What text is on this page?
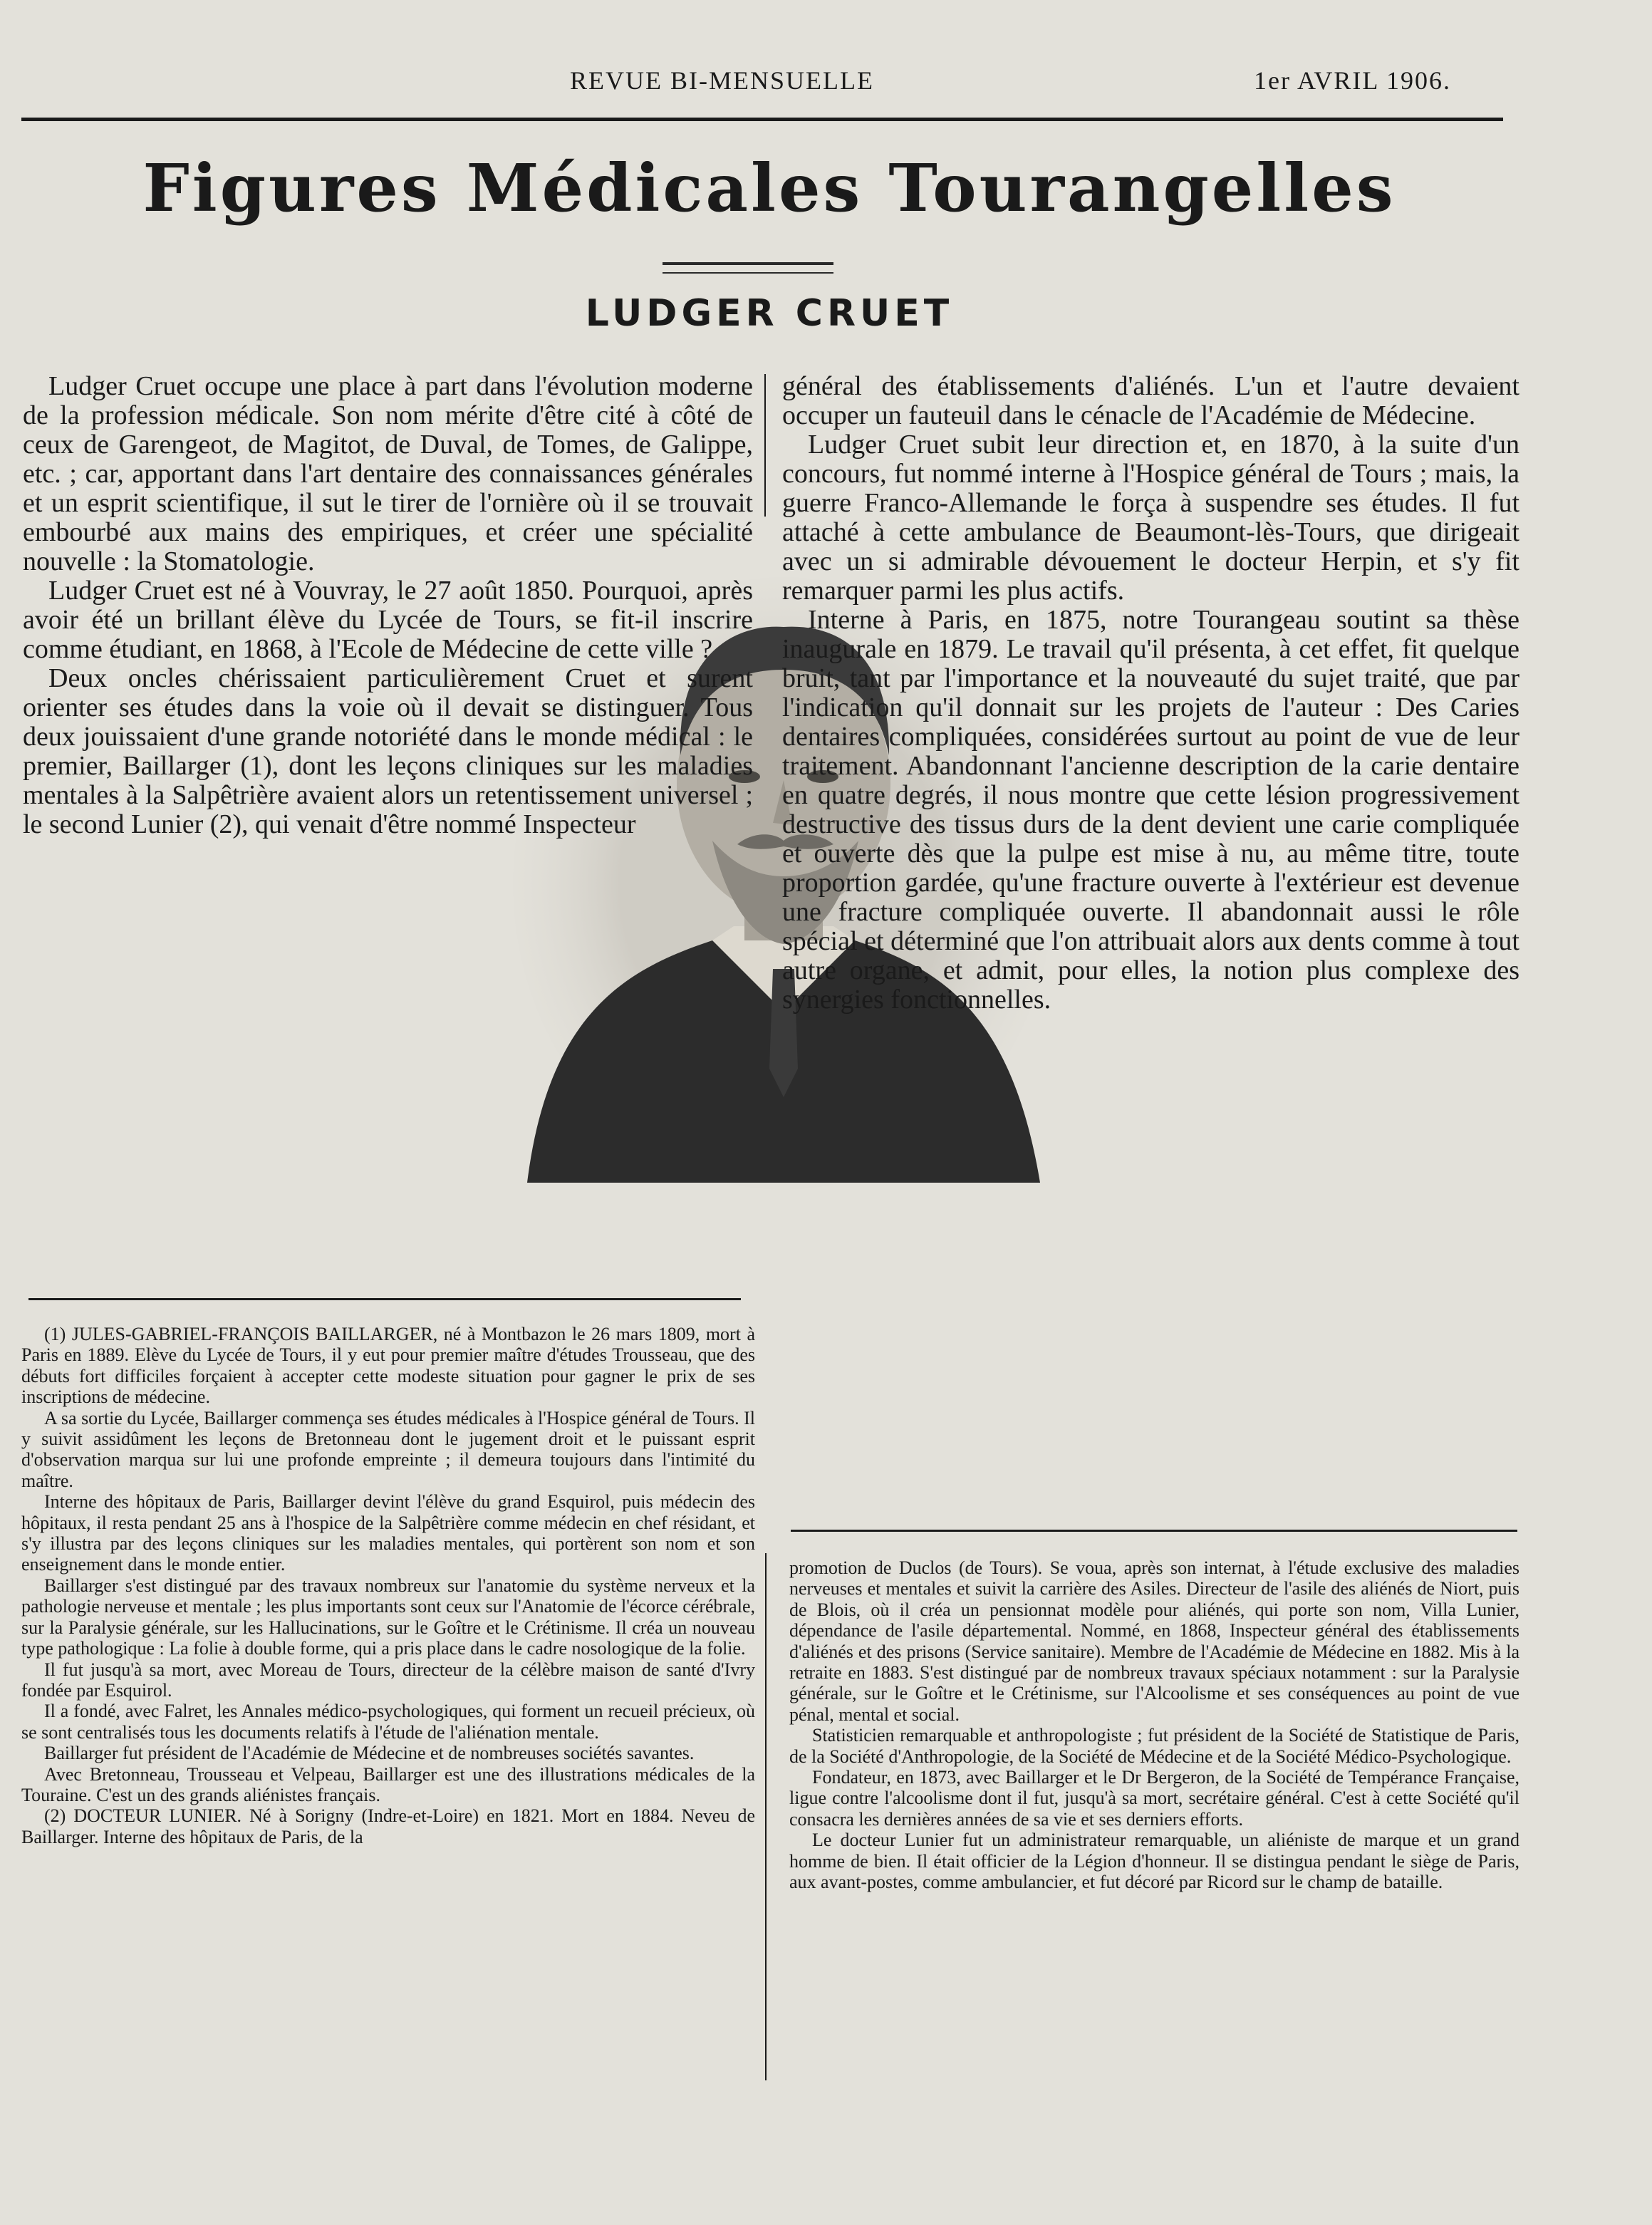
REVUE BI-MENSUELLE	1er AVRIL 1906.
Figures Médicales Tourangelles
LUDGER CRUET

Ludger Cruet occupe une place à part dans l'évolution moderne de la profession médicale. Son nom mérite d'être cité à côté de ceux de Garengeot, de Magitot, de Duval, de Tomes, de Galippe, etc. ; car, apportant dans l'art dentaire des connaissances générales et un esprit scientifique, il sut le tirer de l'ornière où il se trouvait embourbé aux mains des empiriques, et créer une spécialité nouvelle : la Stomatologie.

Ludger Cruet est né à Vouvray, le 27 août 1850. Pourquoi, après avoir été un brillant élève du Lycée de Tours, se fit-il inscrire comme étudiant, en 1868, à l'Ecole de Médecine de cette ville ?

Deux oncles chérissaient particulièrement Cruet et surent orienter ses études dans la voie où il devait se distinguer. Tous deux jouissaient d'une grande notoriété dans le monde médical : le premier, Baillarger (1), dont les leçons cliniques sur les maladies mentales à la Salpêtrière avaient alors un retentissement universel ; le second Lunier (2), qui venait d'être nommé Inspecteur

général des établissements d'aliénés. L'un et l'autre devaient occuper un fauteuil dans le cénacle de l'Académie de Médecine.

Ludger Cruet subit leur direction et, en 1870, à la suite d'un concours, fut nommé interne à l'Hospice général de Tours ; mais, la guerre Franco-Allemande le força à suspendre ses études. Il fut attaché à cette ambulance de Beaumont-lès-Tours, que dirigeait avec un si admirable dévouement le docteur Herpin, et s'y fit remarquer parmi les plus actifs.

Interne à Paris, en 1875, notre Tourangeau soutint sa thèse inaugurale en 1879. Le travail qu'il présenta, à cet effet, fit quelque bruit, tant par l'importance et la nouveauté du sujet traité, que par l'indication qu'il donnait sur les projets de l'auteur : Des Caries dentaires compliquées, considérées surtout au point de vue de leur traitement. Abandonnant l'ancienne description de la carie dentaire en quatre degrés, il nous montre que cette lésion progressivement destructive des tissus durs de la dent devient une carie compliquée et ouverte dès que la pulpe est mise à nu, au même titre, toute proportion gardée, qu'une fracture ouverte à l'extérieur est devenue une fracture compliquée ouverte. Il abandonnait aussi le rôle spécial et déterminé que l'on attribuait alors aux dents comme à tout autre organe, et admit, pour elles, la notion plus complexe des synergies fonctionnelles.

(1) JULES-GABRIEL-FRANÇOIS BAILLARGER, né à Montbazon le 26 mars 1809, mort à Paris en 1889. Elève du Lycée de Tours, il y eut pour premier maître d'études Trousseau, que des débuts fort difficiles forçaient à accepter cette modeste situation pour gagner le prix de ses inscriptions de médecine.

A sa sortie du Lycée, Baillarger commença ses études médicales à l'Hospice général de Tours. Il y suivit assidûment les leçons de Bretonneau dont le jugement droit et le puissant esprit d'observation marqua sur lui une profonde empreinte ; il demeura toujours dans l'intimité du maître.

Interne des hôpitaux de Paris, Baillarger devint l'élève du grand Esquirol, puis médecin des hôpitaux, il resta pendant 25 ans à l'hospice de la Salpêtrière comme médecin en chef résidant, et s'y illustra par des leçons cliniques sur les maladies mentales, qui portèrent son nom et son enseignement dans le monde entier.

Baillarger s'est distingué par des travaux nombreux sur l'anatomie du système nerveux et la pathologie nerveuse et mentale ; les plus importants sont ceux sur l'Anatomie de l'écorce cérébrale, sur la Paralysie générale, sur les Hallucinations, sur le Goître et le Crétinisme. Il créa un nouveau type pathologique : La folie à double forme, qui a pris place dans le cadre nosologique de la folie.

Il fut jusqu'à sa mort, avec Moreau de Tours, directeur de la célèbre maison de santé d'Ivry fondée par Esquirol.

Il a fondé, avec Falret, les Annales médico-psychologiques, qui forment un recueil précieux, où se sont centralisés tous les documents relatifs à l'étude de l'aliénation mentale.

Baillarger fut président de l'Académie de Médecine et de nombreuses sociétés savantes.

Avec Bretonneau, Trousseau et Velpeau, Baillarger est une des illustrations médicales de la Touraine. C'est un des grands aliénistes français.

(2) DOCTEUR LUNIER. Né à Sorigny (Indre-et-Loire) en 1821. Mort en 1884. Neveu de Baillarger. Interne des hôpitaux de Paris, de la

promotion de Duclos (de Tours). Se voua, après son internat, à l'étude exclusive des maladies nerveuses et mentales et suivit la carrière des Asiles. Directeur de l'asile des aliénés de Niort, puis de Blois, où il créa un pensionnat modèle pour aliénés, qui porte son nom, Villa Lunier, dépendance de l'asile départemental. Nommé, en 1868, Inspecteur général des établissements d'aliénés et des prisons (Service sanitaire). Membre de l'Académie de Médecine en 1882. Mis à la retraite en 1883. S'est distingué par de nombreux travaux spéciaux notamment : sur la Paralysie générale, sur le Goître et le Crétinisme, sur l'Alcoolisme et ses conséquences au point de vue pénal, mental et social.

Statisticien remarquable et anthropologiste ; fut président de la Société de Statistique de Paris, de la Société d'Anthropologie, de la Société de Médecine et de la Société Médico-Psychologique.

Fondateur, en 1873, avec Baillarger et le Dr Bergeron, de la Société de Tempérance Française, ligue contre l'alcoolisme dont il fut, jusqu'à sa mort, secrétaire général. C'est à cette Société qu'il consacra les dernières années de sa vie et ses derniers efforts.

Le docteur Lunier fut un administrateur remarquable, un aliéniste de marque et un grand homme de bien. Il était officier de la Légion d'honneur. Il se distingua pendant le siège de Paris, aux avant-postes, comme ambulancier, et fut décoré par Ricord sur le champ de bataille.
